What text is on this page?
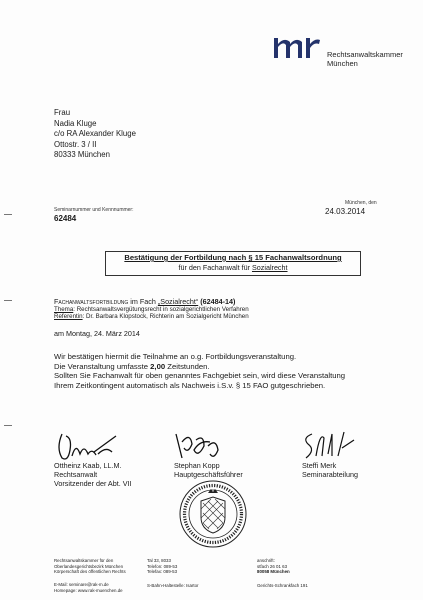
Rechtsanwaltskammer
München
Frau
Nadia Kluge
c/o RA Alexander Kluge
Ottostr. 3 / II
80333 München
Seminarnummer und Kennnummer:
62484
München, den
24.03.2014
Bestätigung der Fortbildung nach § 15 Fachanwaltsordnung
für den Fachanwalt für Sozialrecht
Fachanwaltsfortbildung im Fach „Sozialrecht“ (62484-14)
Thema: Rechtsanwaltsvergütungsrecht in sozialgerichtlichen Verfahren
Referentin: Dr. Barbara Klopstock, Richterin am Sozialgericht München
am Montag, 24. März 2014
Wir bestätigen hiermit die Teilnahme an o.g. Fortbildungsveranstaltung.
Die Veranstaltung umfasste 2,00 Zeitstunden.
Sollten Sie Fachanwalt für oben genanntes Fachgebiet sein, wird diese Veranstaltung
Ihrem Zeitkontingent automatisch als Nachweis i.S.v. § 15 FAO gutgeschrieben.
Ottheinz Kaab, LL.M.
Rechtsanwalt
Vorsitzender der Abt. VII
Stephan Kopp
Hauptgeschäftsführer
Steffi Merk
Seminarabteilung
Rechtsanwaltskammer für den
Oberlandesgerichtsbezirk München
Körperschaft des öffentlichen Rechts
E-Mail: seminare@rak-m.de
Homepage: www.rak-muenchen.de
Tal 33, 8033
Telefon: 089-53
Telefax: 089-53
S-Bahn-Haltestelle: Isartor
anschrift:
stfach 26 01 63
80058 München
Gerichts-Schrankfach 191
